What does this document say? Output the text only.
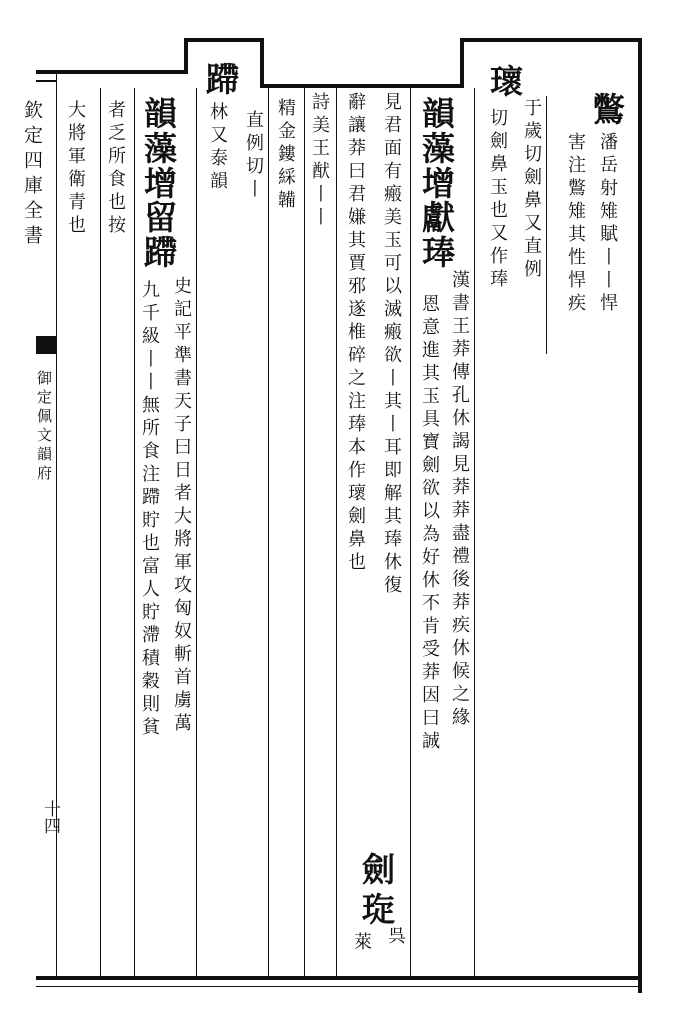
欽定四庫全書
御定佩文韻府
十四
鷩
潘岳射雉賦丨丨悍
害注鷩雉其性悍疾
瓌
于歲切劍鼻又直例
切劍鼻玉也又作琫
韻藻增
獻琫
漢書王莽傳孔休謁見莽莽盡禮後莽疾休候之緣
恩意進其玉具寶劍欲以為好休不肯受莽因曰誠
劍
琁
呉
萊
見君面有瘢美玉可以滅瘢欲丨其丨耳即解其琫休復
辭讓莽曰君嫌其賈邪遂椎碎之注琫本作瓌劍鼻也
詩美王猷丨丨
精金鏤綵韛
蹛
直例切丨
林又泰韻
韻藻增
留蹛
史記平準書天子曰日者大將軍攻匈奴斬首虜萬
九千級丨丨無所食注蹛貯也富人貯滯積穀則貧
者乏所食也按
大將軍衛青也
